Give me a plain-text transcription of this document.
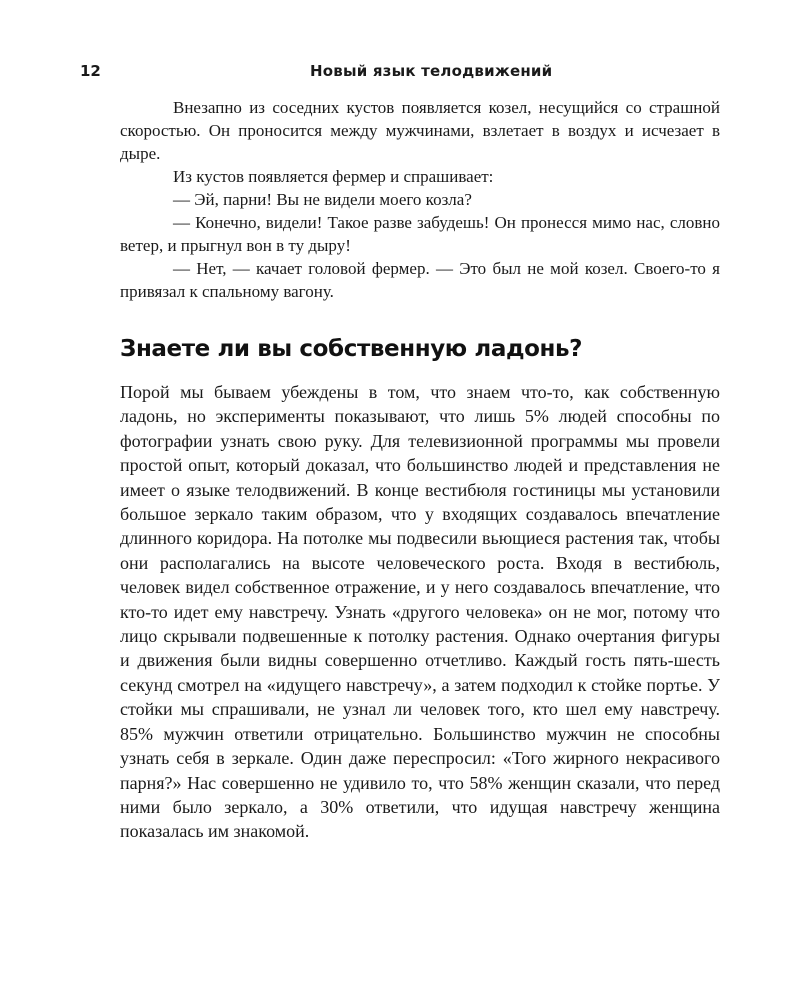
12	Новый язык телодвижений

Внезапно из соседних кустов появляется козел, несущийся со страшной скоростью. Он проносится между мужчинами, взлетает в воздух и исчезает в дыре.

Из кустов появляется фермер и спрашивает:

— Эй, парни! Вы не видели моего козла?

— Конечно, видели! Такое разве забудешь! Он пронесся мимо нас, словно ветер, и прыгнул вон в ту дыру!

— Нет, — качает головой фермер. — Это был не мой козел. Своего-то я привязал к спальному вагону.

Знаете ли вы собственную ладонь?

Порой мы бываем убеждены в том, что знаем что-то, как собственную ладонь, но эксперименты показывают, что лишь 5% людей способны по фотографии узнать свою руку. Для телевизионной программы мы провели простой опыт, который доказал, что большинство людей и представления не имеет о языке телодвижений. В конце вестибюля гостиницы мы установили большое зеркало таким образом, что у входящих создавалось впечатление длинного коридора. На потолке мы подвесили вьющиеся растения так, чтобы они располагались на высоте человеческого роста. Входя в вестибюль, человек видел собственное отражение, и у него создавалось впечатление, что кто-то идет ему навстречу. Узнать «другого человека» он не мог, потому что лицо скрывали подвешенные к потолку растения. Однако очертания фигуры и движения были видны совершенно отчетливо. Каждый гость пять-шесть секунд смотрел на «идущего навстречу», а затем подходил к стойке портье. У стойки мы спрашивали, не узнал ли человек того, кто шел ему навстречу. 85% мужчин ответили отрицательно. Большинство мужчин не способны узнать себя в зеркале. Один даже переспросил: «Того жирного некрасивого парня?» Нас совершенно не удивило то, что 58% женщин сказали, что перед ними было зеркало, а 30% ответили, что идущая навстречу женщина показалась им знакомой.
